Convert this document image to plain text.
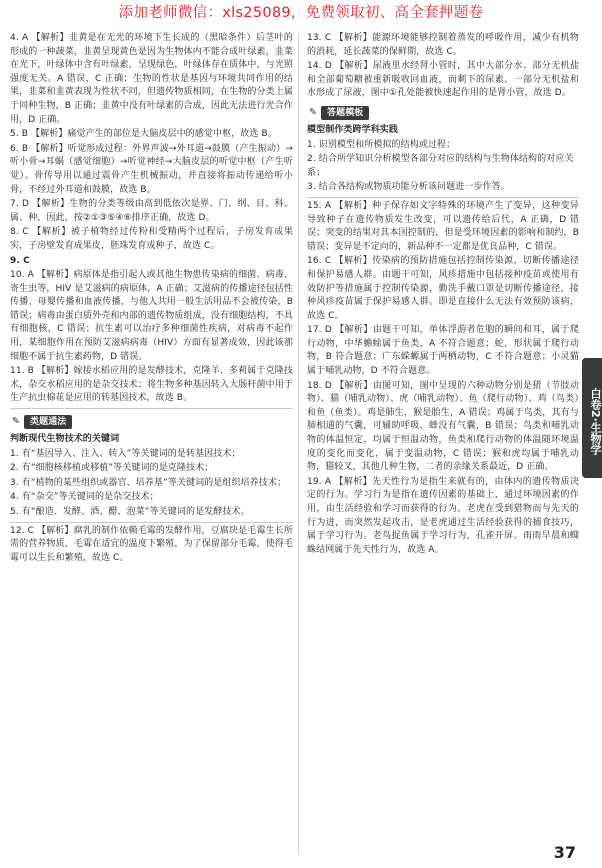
添加老师微信：xls25089，免费领取初、高全套押题卷

4. A 【解析】韭黄是在无光的环境下生长成的（黑暗条件）后茎叶的形成的一种蔬菜，韭黄呈现黄色是因为生物体内不能合成叶绿素，韭菜在光下，叶绿体中含有叶绿素，呈现绿色，叶绿体存在质体中，与光照强度无关。A 错误，C 正确；生物的性状是基因与环境共同作用的结果，韭菜和韭黄表现为性状不同，但遗传物质相同，在生物的分类上属于同种生物，B 正确；韭黄中没有叶绿素的合成，因此无法进行光合作用，D 正确。

5. B 【解析】痛觉产生的部位是大脑皮层中的感觉中枢，故选 B。

6. B 【解析】听觉形成过程：外界声波→外耳道→鼓膜（产生振动）→听小骨→耳蜗（感觉细胞）→听觉神经→大脑皮层的听觉中枢（产生听觉）。骨传导用以通过震骨产生机械振动，并直接将振动传递给听小骨，不经过外耳道和鼓膜，故选 B。

7. D 【解析】生物的分类等级由高到低依次是界、门、纲、目、科、属、种，因此，按②①③⑤④⑥排序正确，故选 D。

8. C 【解析】被子植物经过传粉和受精两个过程后，子房发育成果实，子房壁发育成果皮，胚珠发育成种子，故选 C。

9. C

10. A 【解析】病原体是指引起人或其他生物患传染病的细菌、病毒、寄生虫等，HIV 是艾滋病的病原体，A 正确；艾滋病的传播途径包括性传播、母婴传播和血液传播，与他人共用一般生活用品不会被传染，B 错误；病毒由蛋白质外壳和内部的遗传物质组成，没有细胞结构，不具有细胞核，C 错误；抗生素可以治疗多种细菌性疾病，对病毒不起作用，某细胞作用在预防艾滋病病毒（HIV）方面有显著成效，因此该那细胞不属于抗生素药物，D 错误。

11. B 【解析】嫁接水稻应用的是发酵技术，克隆羊、多莉属于克隆技术，杂交水稻应用的是杂交技术；将生物多种基因转入大肠杆菌中用于生产抗虫棉花是应用的转基因技术，故选 B。

✎ 类题通法
判断现代生物技术的关键词
1. 有“基因导入、注入、转入”等关键词的是转基因技术；
2. 有“细胞核移植或移植”等关键词的是克隆技术；
3. 有“植物的某些组织或器官、培养基”等关键词的是组织培养技术；
4. 有“杂交”等关键词的是杂交技术；
5. 有“酿造、发酵、酒、醋、泡菜”等关键词的是发酵技术。

12. C 【解析】腐乳的制作依赖毛霉的发酵作用，豆腐块是毛霉生长所需的营养物质，毛霉在适宜的温度下繁殖，为了保留部分毛霉，使得毛霉可以生长和繁殖，故选 C。

13. C 【解析】能源环境能够控制着蒸发的呼吸作用，减少有机物的消耗，延长蔬菜的保鲜期，故选 C。

14. D 【解析】尿液里水经肾小管时，其中大部分水、部分无机盐和全部葡萄糖被重新吸收回血液，而剩下的尿素、一部分无机盐和水形成了尿液，图中①孔处能被快速起作用的是肾小管，故选 D。

✎ 答题模板
模型制作类跨学科实践
1. 识别模型和所模拟的结构或过程；
2. 结合所学知识分析模型各部分对应的结构与生物体结构的对应关系；
3. 结合各结构或物质功能分析该问题进一步作答。

15. A 【解析】种子保存如文字特殊的环境产生了变异，这种变异导致种子在遗传物质发生改变，可以遗传给后代，A 正确，D 错误；突变的结果对其本国控制的，但是受环境因素的影响和制约，B 错误；变异是不定向的，新品种不一定都是优良品种，C 错误。

16. C 【解析】传染病的预防措施包括控制传染源、切断传播途径和保护易感人群。由题干可知，风疹措施中包括接种疫苗或使用有效防护等措施属于控制传染源，勤洗手戴口罩是切断传播途径，接种风疹疫苗属于保护易感人群。即是直接什么无法有效预防该病，故选 C。

17. D 【解析】由题干可知，单体浮游者危胞的瞬间和耳，属于爬行动物，中华蟾蜍属于鱼类，A 不符合题意；蛇，形状属于爬行动物，B 符合题意；广东蝾螈属于两栖动物，C 不符合题意；小灵猫属于哺乳动物，D 不符合题意。

18. D 【解析】由图可知，图中呈现的六种动物分别是猪（节肢动物）、猫（哺乳动物）、虎（哺乳动物）、鱼（爬行动物）、鸡（鸟类）和鱼（鱼类）。鸡是肺生，猴是胎生，A 错误；鸡属于鸟类，其有与肺相通的气囊，可辅助呼吸，蜂没有气囊，B 错误；鸟类和哺乳动物的体温恒定，均属于恒温动物，鱼类和爬行动物的体温随环境温度的变化而变化，属于变温动物，C 错误；猴和虎均属于哺乳动物，猫较叉，其他几种生物，二者的亲缘关系最近，D 正确。

19. A 【解析】先天性行为是指生来就有的，由体内的遗传物质决定的行为。学习行为是指在遗传因素的基础上，通过环境因素的作用，由生活经验和学习而获得的行为。老虎在受到猎物而与先天的行为进，而突然发起攻击，是老虎通过生活经验获得的捕食技巧，属于学习行为。老鸟捉鱼属于学习行为，孔雀开屏、雨雨早晨和蜘蛛结网属于先天性行为，故选 A。

白卷2·生物学
37
